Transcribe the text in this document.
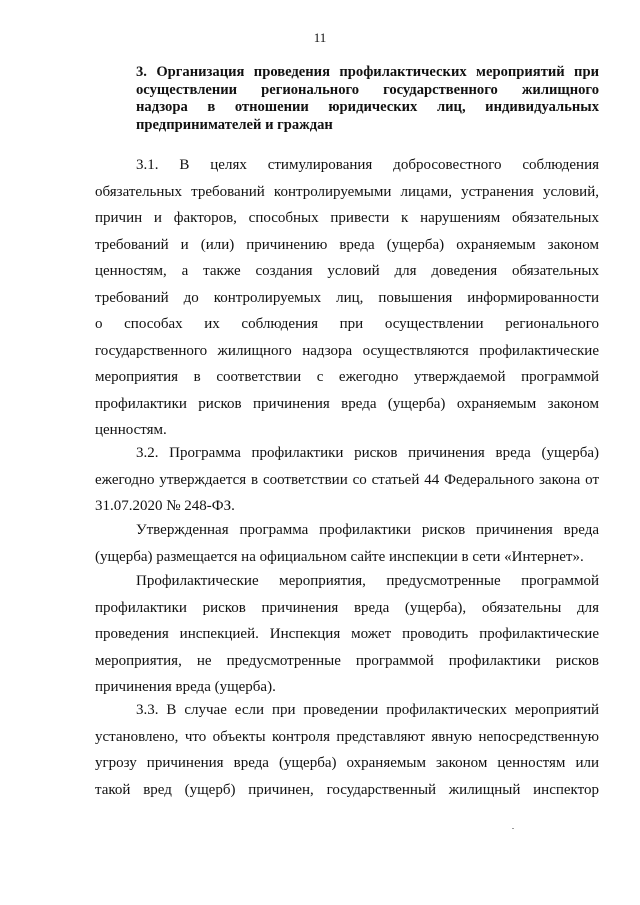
11
3. Организация проведения профилактических мероприятий при
осуществлении регионального государственного жилищного
надзора в отношении юридических лиц, индивидуальных
предпринимателей и граждан
3.1. В целях стимулирования добросовестного соблюдения
обязательных требований контролируемыми лицами, устранения условий,
причин и факторов, способных привести к нарушениям обязательных
требований и (или) причинению вреда (ущерба) охраняемым законом
ценностям, а также создания условий для доведения обязательных
требований до контролируемых лиц, повышения информированности
о способах их соблюдения при осуществлении регионального
государственного жилищного надзора осуществляются профилактические
мероприятия в соответствии с ежегодно утверждаемой программой
профилактики рисков причинения вреда (ущерба) охраняемым законом
ценностям.
3.2. Программа профилактики рисков причинения вреда (ущерба)
ежегодно утверждается в соответствии со статьей 44 Федерального закона от
31.07.2020 № 248-ФЗ.
Утвержденная программа профилактики рисков причинения вреда
(ущерба) размещается на официальном сайте инспекции в сети «Интернет».
Профилактические мероприятия, предусмотренные программой
профилактики рисков причинения вреда (ущерба), обязательны для
проведения инспекцией. Инспекция может проводить профилактические
мероприятия, не предусмотренные программой профилактики рисков
причинения вреда (ущерба).
3.3. В случае если при проведении профилактических мероприятий
установлено, что объекты контроля представляют явную непосредственную
угрозу причинения вреда (ущерба) охраняемым законом ценностям или
такой вред (ущерб) причинен, государственный жилищный инспектор
